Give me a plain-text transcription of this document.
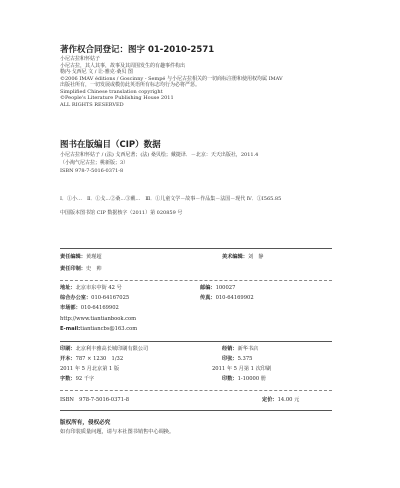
著作权合同登记：图字 01-2010-2571
小尼古拉和怀姑子
小尼古拉，其人其事，故事及其周围发生的有趣事件构出
勒内·戈西尼 文 / 让-雅克·桑贝 图
©2006 IMAV éditions / Goscinny - Sempé 与小尼古拉相关的一切商标注册和使用权均属 IMAV
出版社所有，一切发展或模仿此英语所有标志均行为必将严惩。
Simplified Chinese translation copyright
©People's Literature Publishing House 2011
ALL RIGHTS RESERVED
图书在版编目（CIP）数据
小尼古拉和怀姑子 / (法) 戈西尼著；(法) 桑贝绘；戴捷译．－北京：天天出版社，2011.4
（小淘气尼古拉；桃新版；3）
ISBN 978-7-5016-0371-8
Ⅰ．①小…　Ⅱ．①戈…②桑…③戴…　Ⅲ．①儿童文学－故事－作品集－法国－现代 Ⅳ．①I565.85
中国版本图书馆 CIP 数据核字（2011）第 020859 号
责任编辑：黄瑾超	美术编辑：刘　静
责任印制：史　帅
地址：北京市东中街 42 号	邮编：100027
综合办公室：010-64167025	传真：010-64169902
市场部：010-64169902
http://www.tiantianbook.com
E-mail:tiantiancbs@163.com
印刷：北京利丰雅高长城印刷有限公司	经销：新华书店
开本：787 × 1230　1/32	印张：5.375
2011 年 5 月北京第 1 版	2011 年 5 月第 1 次印刷
字数：92 千字	印数：1-10000 册
ISBN　978-7-5016-0371-8	定价：14.00 元
版权所有，侵权必究
如有印装质量问题，请与本社图书销售中心调换。
